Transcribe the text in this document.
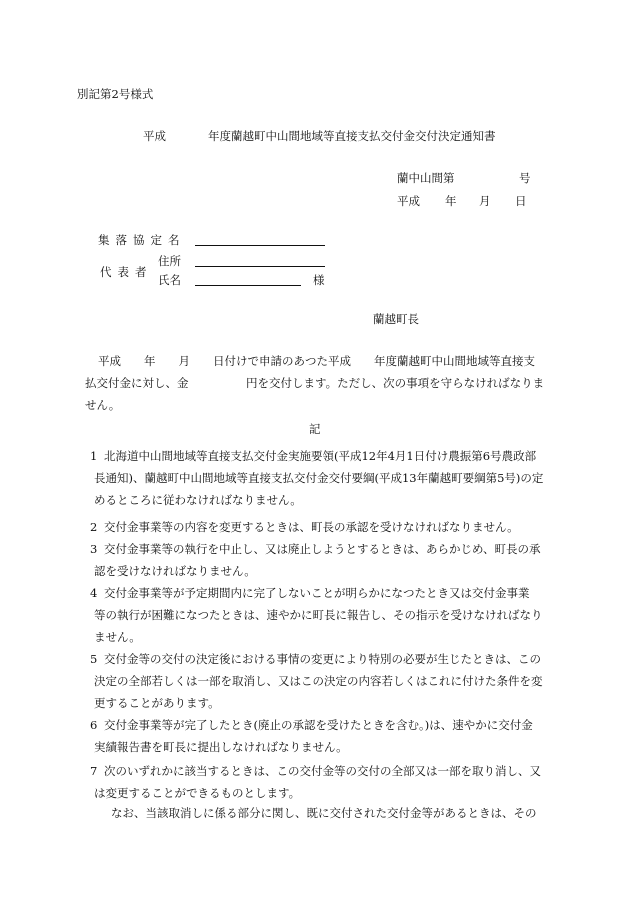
別記第2号様式
平成	年度蘭越町中山間地域等直接支払交付金交付決定通知書
蘭中山間第	号
平成 年 月 日
集落協定名
代表者
住所
氏名	様
蘭越町長
平成　　年　　月　　日付けで申請のあつた平成　　年度蘭越町中山間地域等直接支
払交付金に対し、金　　　　　円を交付します。ただし、次の事項を守らなければなりま
せん。
記
1 北海道中山間地域等直接支払交付金実施要領(平成12年4月1日付け農振第6号農政部
長通知)、蘭越町中山間地域等直接支払交付金交付要綱(平成13年蘭越町要綱第5号)の定
めるところに従わなければなりません。
2 交付金事業等の内容を変更するときは、町長の承認を受けなければなりません。
3 交付金事業等の執行を中止し、又は廃止しようとするときは、あらかじめ、町長の承
認を受けなければなりません。
4 交付金事業等が予定期間内に完了しないことが明らかになつたとき又は交付金事業
等の執行が困難になつたときは、速やかに町長に報告し、その指示を受けなければなり
ません。
5 交付金等の交付の決定後における事情の変更により特別の必要が生じたときは、この
決定の全部若しくは一部を取消し、又はこの決定の内容若しくはこれに付けた条件を変
更することがあります。
6 交付金事業等が完了したとき(廃止の承認を受けたときを含む。)は、速やかに交付金
実績報告書を町長に提出しなければなりません。
7 次のいずれかに該当するときは、この交付金等の交付の全部又は一部を取り消し、又
は変更することができるものとします。
なお、当該取消しに係る部分に関し、既に交付された交付金等があるときは、その
